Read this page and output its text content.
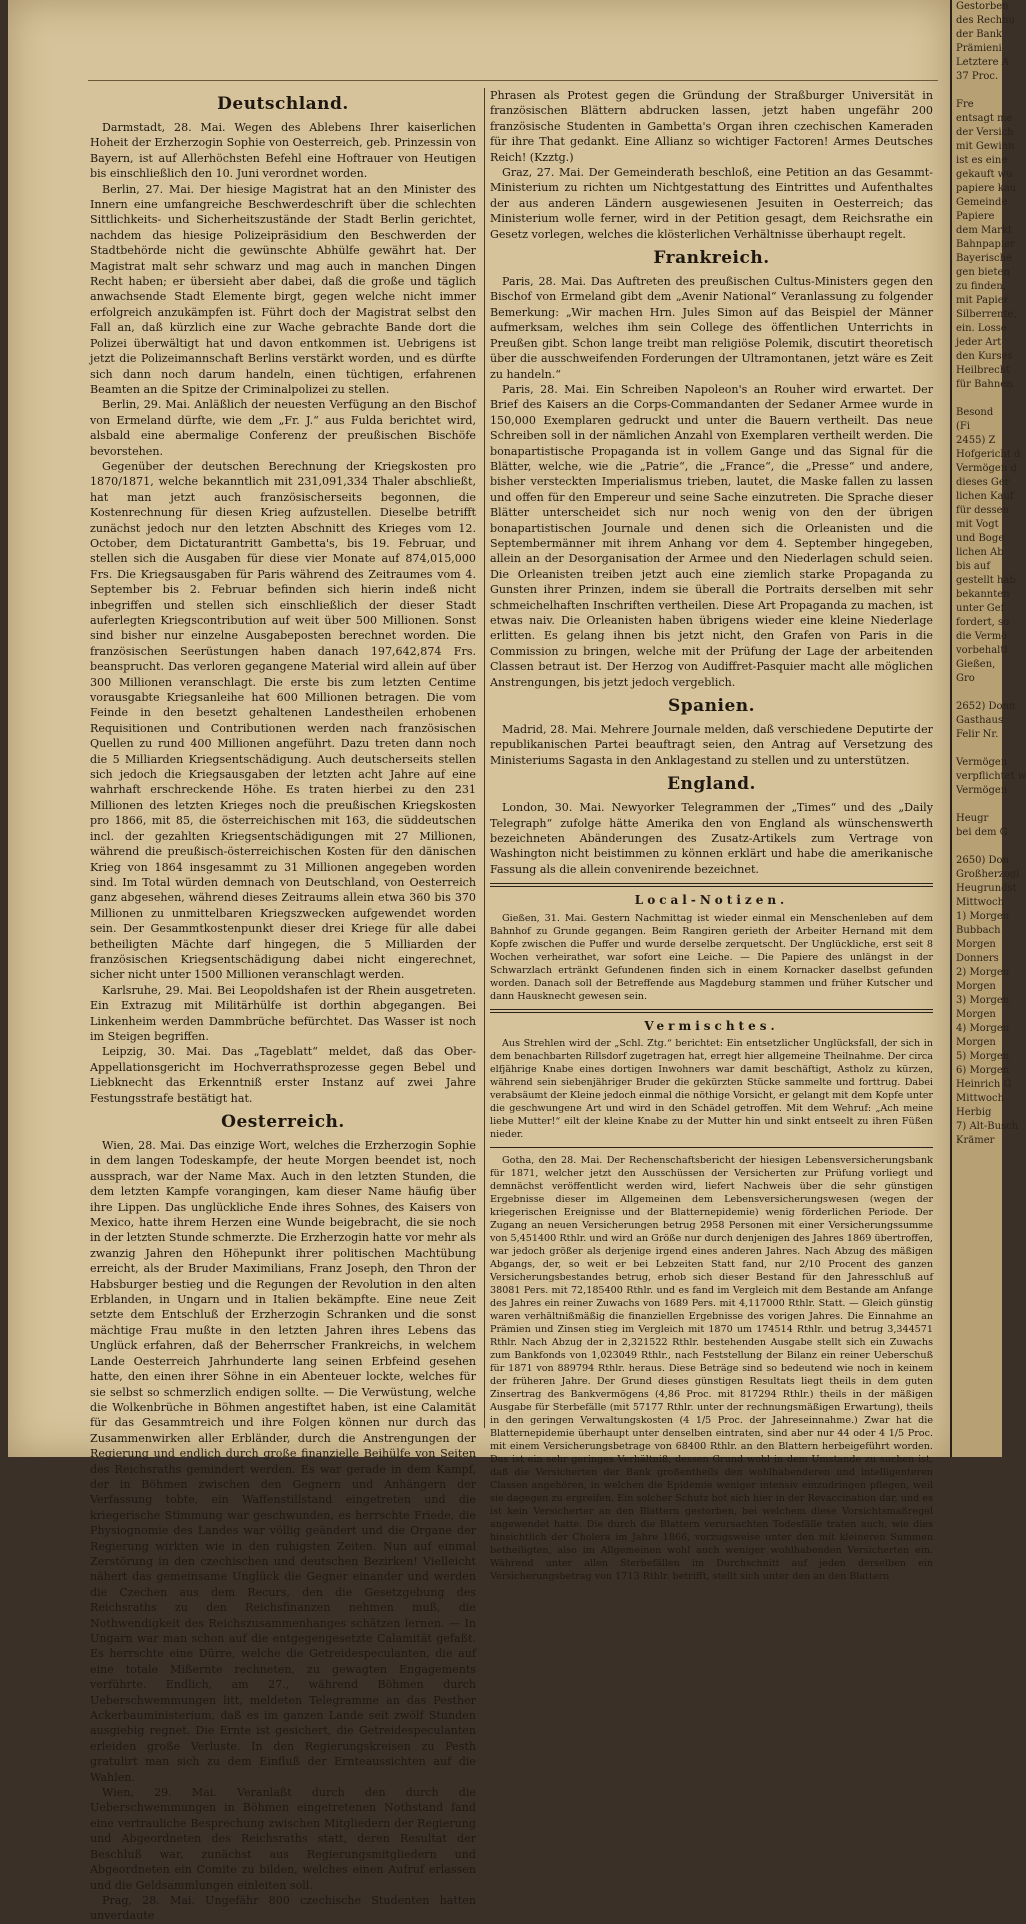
Deutschland.

Darmstadt, 28. Mai. Wegen des Ablebens Ihrer kaiserlichen Hoheit der Erzherzogin Sophie von Oesterreich, geb. Prinzessin von Bayern, ist auf Allerhöchsten Befehl eine Hoftrauer von Heutigen bis einschließlich den 10. Juni verordnet worden.

Berlin, 27. Mai. Der hiesige Magistrat hat an den Minister des Innern eine umfangreiche Beschwerdeschrift über die schlechten Sittlichkeits- und Sicherheitszustände der Stadt Berlin gerichtet, nachdem das hiesige Polizeipräsidium den Beschwerden der Stadtbehörde nicht die gewünschte Abhülfe gewährt hat. Der Magistrat malt sehr schwarz und mag auch in manchen Dingen Recht haben; er übersieht aber dabei, daß die große und täglich anwachsende Stadt Elemente birgt, gegen welche nicht immer erfolgreich anzukämpfen ist. Führt doch der Magistrat selbst den Fall an, daß kürzlich eine zur Wache gebrachte Bande dort die Polizei überwältigt hat und davon entkommen ist. Uebrigens ist jetzt die Polizeimannschaft Berlins verstärkt worden, und es dürfte sich dann noch darum handeln, einen tüchtigen, erfahrenen Beamten an die Spitze der Criminalpolizei zu stellen.

Berlin, 29. Mai. Anläßlich der neuesten Verfügung an den Bischof von Ermeland dürfte, wie dem „Fr. J.“ aus Fulda berichtet wird, alsbald eine abermalige Conferenz der preußischen Bischöfe bevorstehen.

Gegenüber der deutschen Berechnung der Kriegskosten pro 1870/1871, welche bekanntlich mit 231,091,334 Thaler abschließt, hat man jetzt auch französischerseits begonnen, die Kostenrechnung für diesen Krieg aufzustellen. Dieselbe betrifft zunächst jedoch nur den letzten Abschnitt des Krieges vom 12. October, dem Dictaturantritt Gambetta's, bis 19. Februar, und stellen sich die Ausgaben für diese vier Monate auf 874,015,000 Frs. Die Kriegsausgaben für Paris während des Zeitraumes vom 4. September bis 2. Februar befinden sich hierin indeß nicht inbegriffen und stellen sich einschließlich der dieser Stadt auferlegten Kriegscontribution auf weit über 500 Millionen. Sonst sind bisher nur einzelne Ausgabeposten berechnet worden. Die französischen Seerüstungen haben danach 197,642,874 Frs. beansprucht. Das verloren gegangene Material wird allein auf über 300 Millionen veranschlagt. Die erste bis zum letzten Centime vorausgabte Kriegsanleihe hat 600 Millionen betragen. Die vom Feinde in den besetzt gehaltenen Landestheilen erhobenen Requisitionen und Contributionen werden nach französischen Quellen zu rund 400 Millionen angeführt. Dazu treten dann noch die 5 Milliarden Kriegsentschädigung. Auch deutscherseits stellen sich jedoch die Kriegsausgaben der letzten acht Jahre auf eine wahrhaft erschreckende Höhe. Es traten hierbei zu den 231 Millionen des letzten Krieges noch die preußischen Kriegskosten pro 1866, mit 85, die österreichischen mit 163, die süddeutschen incl. der gezahlten Kriegsentschädigungen mit 27 Millionen, während die preußisch-österreichischen Kosten für den dänischen Krieg von 1864 insgesammt zu 31 Millionen angegeben worden sind. Im Total würden demnach von Deutschland, von Oesterreich ganz abgesehen, während dieses Zeitraums allein etwa 360 bis 370 Millionen zu unmittelbaren Kriegszwecken aufgewendet worden sein. Der Gesammtkostenpunkt dieser drei Kriege für alle dabei betheiligten Mächte darf hingegen, die 5 Milliarden der französischen Kriegsentschädigung dabei nicht eingerechnet, sicher nicht unter 1500 Millionen veranschlagt werden.

Karlsruhe, 29. Mai. Bei Leopoldshafen ist der Rhein ausgetreten. Ein Extrazug mit Militärhülfe ist dorthin abgegangen. Bei Linkenheim werden Dammbrüche befürchtet. Das Wasser ist noch im Steigen begriffen.

Leipzig, 30. Mai. Das „Tageblatt“ meldet, daß das Ober-Appellationsgericht im Hochverrathsprozesse gegen Bebel und Liebknecht das Erkenntniß erster Instanz auf zwei Jahre Festungsstrafe bestätigt hat.

Oesterreich.

Wien, 28. Mai. Das einzige Wort, welches die Erzherzogin Sophie in dem langen Todeskampfe, der heute Morgen beendet ist, noch aussprach, war der Name Max. Auch in den letzten Stunden, die dem letzten Kampfe vorangingen, kam dieser Name häufig über ihre Lippen. Das unglückliche Ende ihres Sohnes, des Kaisers von Mexico, hatte ihrem Herzen eine Wunde beigebracht, die sie noch in der letzten Stunde schmerzte. Die Erzherzogin hatte vor mehr als zwanzig Jahren den Höhepunkt ihrer politischen Machtübung erreicht, als der Bruder Maximilians, Franz Joseph, den Thron der Habsburger bestieg und die Regungen der Revolution in den alten Erblanden, in Ungarn und in Italien bekämpfte. Eine neue Zeit setzte dem Entschluß der Erzherzogin Schranken und die sonst mächtige Frau mußte in den letzten Jahren ihres Lebens das Unglück erfahren, daß der Beherrscher Frankreichs, in welchem Lande Oesterreich Jahrhunderte lang seinen Erbfeind gesehen hatte, den einen ihrer Söhne in ein Abenteuer lockte, welches für sie selbst so schmerzlich endigen sollte. — Die Verwüstung, welche die Wolkenbrüche in Böhmen angestiftet haben, ist eine Calamität für das Gesammtreich und ihre Folgen können nur durch das Zusammenwirken aller Erbländer, durch die Anstrengungen der Regierung und endlich durch große finanzielle Beihülfe von Seiten des Reichsraths gemindert werden. Es war gerade in dem Kampf, der in Böhmen zwischen den Gegnern und Anhängern der Verfassung tobte, ein Waffenstillstand eingetreten und die kriegerische Stimmung war geschwunden, es herrschte Friede, die Physiognomie des Landes war völlig geändert und die Organe der Regierung wirkten wie in den ruhigsten Zeiten. Nun auf einmal Zerstörung in den czechischen und deutschen Bezirken! Vielleicht nähert das gemeinsame Unglück die Gegner einander und werden die Czechen aus dem Recurs, den die Gesetzgebung des Reichsraths zu den Reichsfinanzen nehmen muß, die Nothwendigkeit des Reichszusammenhanges schätzen lernen. — In Ungarn war man schon auf die entgegengesetzte Calamität gefaßt. Es herrschte eine Dürre, welche die Getreidespeculanten, die auf eine totale Mißernte rechneten, zu gewagten Engagements verführte. Endlich, am 27., während Böhmen durch Ueberschwemmungen litt, meldeten Telegramme an das Pesther Ackerbauministerium, daß es im ganzen Lande seit zwölf Stunden ausgiebig regnet. Die Ernte ist gesichert, die Getreidespeculanten erleiden große Verluste. In den Regierungskreisen zu Pesth gratulirt man sich zu dem Einfluß der Ernteaussichten auf die Wahlen.

Wien, 29. Mai. Veranlaßt durch den durch die Ueberschwemmungen in Böhmen eingetretenen Nothstand fand eine vertrauliche Besprechung zwischen Mitgliedern der Regierung und Abgeordneten des Reichsraths statt, deren Resultat der Beschluß war, zunächst aus Regierungsmitgliedern und Abgeordneten ein Comite zu bilden, welches einen Aufruf erlassen und die Geldsammlungen einleiten soll.

Prag, 28. Mai. Ungefähr 800 czechische Studenten hatten unverdaute

Phrasen als Protest gegen die Gründung der Straßburger Universität in französischen Blättern abdrucken lassen, jetzt haben ungefähr 200 französische Studenten in Gambetta's Organ ihren czechischen Kameraden für ihre That gedankt. Eine Allianz so wichtiger Factoren! Armes Deutsches Reich! (Kzztg.)

Graz, 27. Mai. Der Gemeinderath beschloß, eine Petition an das Gesammt-Ministerium zu richten um Nichtgestattung des Eintrittes und Aufenthaltes der aus anderen Ländern ausgewiesenen Jesuiten in Oesterreich; das Ministerium wolle ferner, wird in der Petition gesagt, dem Reichsrathe ein Gesetz vorlegen, welches die klösterlichen Verhältnisse überhaupt regelt.

Frankreich.

Paris, 28. Mai. Das Auftreten des preußischen Cultus-Ministers gegen den Bischof von Ermeland gibt dem „Avenir National“ Veranlassung zu folgender Bemerkung: „Wir machen Hrn. Jules Simon auf das Beispiel der Männer aufmerksam, welches ihm sein College des öffentlichen Unterrichts in Preußen gibt. Schon lange treibt man religiöse Polemik, discutirt theoretisch über die ausschweifenden Forderungen der Ultramontanen, jetzt wäre es Zeit zu handeln.“

Paris, 28. Mai. Ein Schreiben Napoleon's an Rouher wird erwartet. Der Brief des Kaisers an die Corps-Commandanten der Sedaner Armee wurde in 150,000 Exemplaren gedruckt und unter die Bauern vertheilt. Das neue Schreiben soll in der nämlichen Anzahl von Exemplaren vertheilt werden. Die bonapartistische Propaganda ist in vollem Gange und das Signal für die Blätter, welche, wie die „Patrie“, die „France“, die „Presse“ und andere, bisher versteckten Imperialismus trieben, lautet, die Maske fallen zu lassen und offen für den Empereur und seine Sache einzutreten. Die Sprache dieser Blätter unterscheidet sich nur noch wenig von den der übrigen bonapartistischen Journale und denen sich die Orleanisten und die Septembermänner mit ihrem Anhang vor dem 4. September hingegeben, allein an der Desorganisation der Armee und den Niederlagen schuld seien. Die Orleanisten treiben jetzt auch eine ziemlich starke Propaganda zu Gunsten ihrer Prinzen, indem sie überall die Portraits derselben mit sehr schmeichelhaften Inschriften vertheilen. Diese Art Propaganda zu machen, ist etwas naiv. Die Orleanisten haben übrigens wieder eine kleine Niederlage erlitten. Es gelang ihnen bis jetzt nicht, den Grafen von Paris in die Commission zu bringen, welche mit der Prüfung der Lage der arbeitenden Classen betraut ist. Der Herzog von Audiffret-Pasquier macht alle möglichen Anstrengungen, bis jetzt jedoch vergeblich.

Spanien.

Madrid, 28. Mai. Mehrere Journale melden, daß verschiedene Deputirte der republikanischen Partei beauftragt seien, den Antrag auf Versetzung des Ministeriums Sagasta in den Anklagestand zu stellen und zu unterstützen.

England.

London, 30. Mai. Newyorker Telegrammen der „Times“ und des „Daily Telegraph“ zufolge hätte Amerika den von England als wünschenswerth bezeichneten Abänderungen des Zusatz-Artikels zum Vertrage von Washington nicht beistimmen zu können erklärt und habe die amerikanische Fassung als die allein convenirende bezeichnet.

Local-Notizen.

Gießen, 31. Mai. Gestern Nachmittag ist wieder einmal ein Menschenleben auf dem Bahnhof zu Grunde gegangen. Beim Rangiren gerieth der Arbeiter Hernand mit dem Kopfe zwischen die Puffer und wurde derselbe zerquetscht. Der Unglückliche, erst seit 8 Wochen verheirathet, war sofort eine Leiche. — Die Papiere des unlängst in der Schwarzlach ertränkt Gefundenen finden sich in einem Kornacker daselbst gefunden worden. Danach soll der Betreffende aus Magdeburg stammen und früher Kutscher und dann Hausknecht gewesen sein.

Vermischtes.

Aus Strehlen wird der „Schl. Ztg.“ berichtet: Ein entsetzlicher Unglücksfall, der sich in dem benachbarten Rillsdorf zugetragen hat, erregt hier allgemeine Theilnahme. Der circa elfjährige Knabe eines dortigen Inwohners war damit beschäftigt, Astholz zu kürzen, während sein siebenjähriger Bruder die gekürzten Stücke sammelte und forttrug. Dabei verabsäumt der Kleine jedoch einmal die nöthige Vorsicht, er gelangt mit dem Kopfe unter die geschwungene Art und wird in den Schädel getroffen. Mit dem Wehruf: „Ach meine liebe Mutter!“ eilt der kleine Knabe zu der Mutter hin und sinkt entseelt zu ihren Füßen nieder.

Gotha, den 28. Mai. Der Rechenschaftsbericht der hiesigen Lebensversicherungsbank für 1871, welcher jetzt den Ausschüssen der Versicherten zur Prüfung vorliegt und demnächst veröffentlicht werden wird, liefert Nachweis über die sehr günstigen Ergebnisse dieser im Allgemeinen dem Lebensversicherungswesen (wegen der kriegerischen Ereignisse und der Blatternepidemie) wenig förderlichen Periode. Der Zugang an neuen Versicherungen betrug 2958 Personen mit einer Versicherungssumme von 5,451400 Rthlr. und wird an Größe nur durch denjenigen des Jahres 1869 übertroffen, war jedoch größer als derjenige irgend eines anderen Jahres. Nach Abzug des mäßigen Abgangs, der, so weit er bei Lebzeiten Statt fand, nur 2/10 Procent des ganzen Versicherungsbestandes betrug, erhob sich dieser Bestand für den Jahresschluß auf 38081 Pers. mit 72,185400 Rthlr. und es fand im Vergleich mit dem Bestande am Anfange des Jahres ein reiner Zuwachs von 1689 Pers. mit 4,117000 Rthlr. Statt. — Gleich günstig waren verhältnißmäßig die finanziellen Ergebnisse des vorigen Jahres. Die Einnahme an Prämien und Zinsen stieg im Vergleich mit 1870 um 174514 Rthlr. und betrug 3,344571 Rthlr. Nach Abzug der in 2,321522 Rthlr. bestehenden Ausgabe stellt sich ein Zuwachs zum Bankfonds von 1,023049 Rthlr., nach Feststellung der Bilanz ein reiner Ueberschuß für 1871 von 889794 Rthlr. heraus. Diese Beträge sind so bedeutend wie noch in keinem der früheren Jahre. Der Grund dieses günstigen Resultats liegt theils in dem guten Zinsertrag des Bankvermögens (4,86 Proc. mit 817294 Rthlr.) theils in der mäßigen Ausgabe für Sterbefälle (mit 57177 Rthlr. unter der rechnungsmäßigen Erwartung), theils in den geringen Verwaltungskosten (4 1/5 Proc. der Jahreseinnahme.) Zwar hat die Blatternepidemie überhaupt unter denselben eintraten, sind aber nur 44 oder 4 1/5 Proc. mit einem Versicherungsbetrage von 68400 Rthlr. an den Blattern herbeigeführt worden. Das ist ein sehr geringes Verhältniß, dessen Grund wohl in dem Umstande zu suchen ist, daß die Versicherten der Bank großentheils den wohlhabenderen und intelligenteren Classen angehören, in welchen die Epidemie weniger intensiv einzudringen pflegen, weil sie dagegen zu ergreifen. Ein solcher Schutz bot sich hier in der Revaccination dar, und es ist kein Versicherter an den Blattern gestorben, bei welchem diese Vorsichtsmaßregel angewendet hatte. Die durch die Blattern verursachten Todesfälle traten auch, wie dies hinsichtlich der Cholera im Jahre 1866, vorzugsweise unter den mit kleineren Summen betheiligten, also im Allgemeinen wohl auch weniger wohlhabenden Versicherten ein. Während unter allen Sterbefällen im Durchschnitt auf jeden derselben ein Versicherungsbetrag von 1713 Rthlr. betrifft, stellt sich unter den an den Blattern

Gestorben
des Rechnu
der Bank
Prämieni
Letztere A
37 Proc.

Fre
entsagt me
der Versich
mit Gewinn
ist es eine
gekauft wu
papiere kau
Gemeinde
Papiere
dem Markt
Bahnpapier
Bayerische
gen bieten
zu finden,
mit Papier
Silberrente,
ein. Losse
jeder Art
den Kurses
Heilbrecht
für Bahnen

Besond
(Fi
2455) Z
Hofgericht d
Vermögen d
dieses Ger
lichen Kauf
für dessen
mit Vogt
und Boge
lichen Ab
bis auf
gestellt hab
bekannten
unter Gef
fordert, so
die Vermö
vorbehaltl
Gießen,
Gro

2652) Donn
Gasthaus
Felir Nr.

Vermögen
verpflichtet w
Vermögen

Heugr
bei dem G

2650) Don
Großherzogl
Heugrundst
Mittwoch
1) Morgen
Bubbach
Morgen
Donners
2) Morgen
Morgen
3) Morgen
Morgen
4) Morgen
Morgen
5) Morgen
6) Morgen
Heinrich G
Mittwoch
Herbig
7) Alt-Busch
Krämer
